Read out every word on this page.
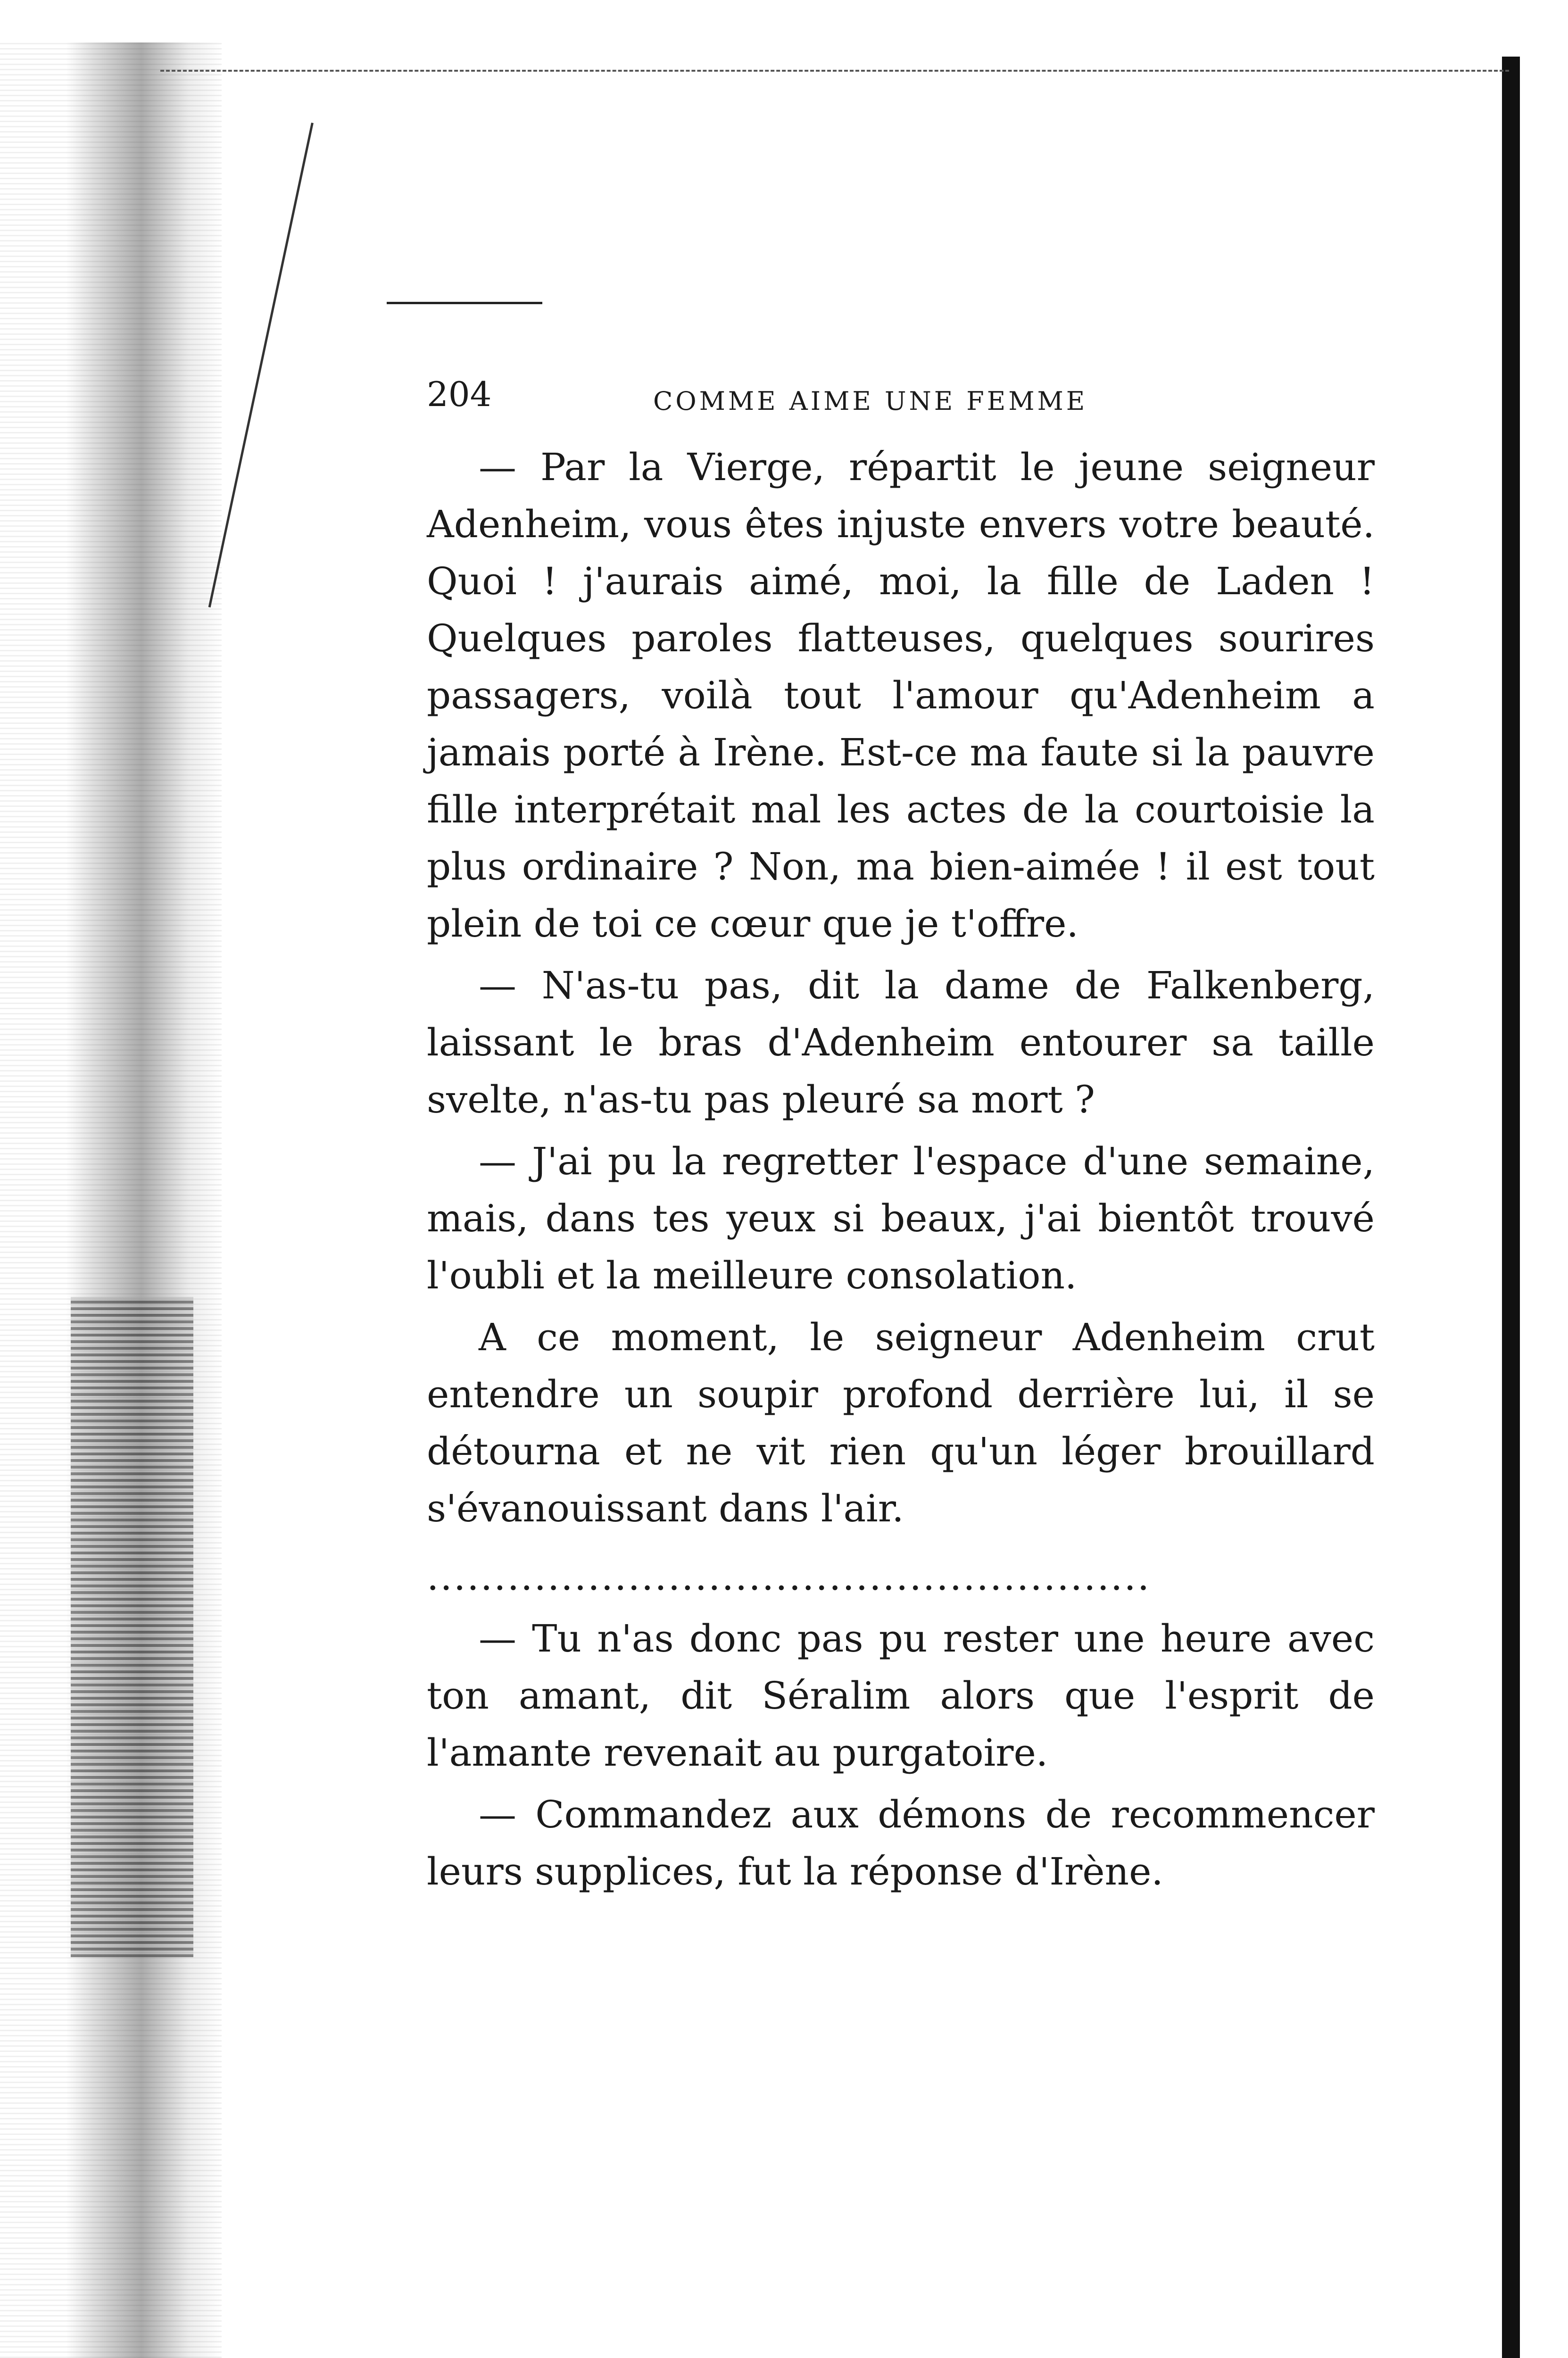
204	COMME AIME UNE FEMME

— Par la Vierge, répartit le jeune seigneur Adenheim, vous êtes injuste envers votre beauté. Quoi ! j'aurais aimé, moi, la fille de Laden ! Quelques paroles flatteuses, quelques sourires passagers, voilà tout l'amour qu'Adenheim a jamais porté à Irène. Est-ce ma faute si la pauvre fille interprétait mal les actes de la courtoisie la plus ordinaire ? Non, ma bien-aimée ! il est tout plein de toi ce cœur que je t'offre.

— N'as-tu pas, dit la dame de Falkenberg, laissant le bras d'Adenheim entourer sa taille svelte, n'as-tu pas pleuré sa mort ?

— J'ai pu la regretter l'espace d'une semaine, mais, dans tes yeux si beaux, j'ai bientôt trouvé l'oubli et la meilleure consolation.

A ce moment, le seigneur Adenheim crut entendre un soupir profond derrière lui, il se détourna et ne vit rien qu'un léger brouillard s'évanouissant dans l'air.

......................................................

— Tu n'as donc pas pu rester une heure avec ton amant, dit Séralim alors que l'esprit de l'amante revenait au purgatoire.

— Commandez aux démons de recommencer leurs supplices, fut la réponse d'Irène.
